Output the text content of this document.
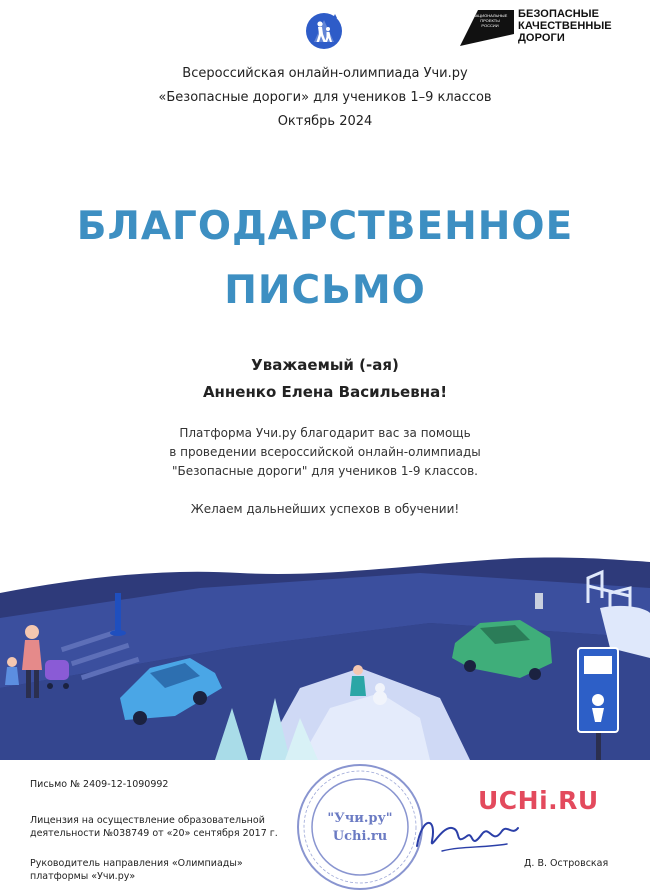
НАЦИОНАЛЬНЫЕ
ПРОЕКТЫ
РОССИИ
БЕЗОПАСНЫЕ
КАЧЕСТВЕННЫЕ ДОРОГИ
Всероссийская онлайн-олимпиада Учи.ру
«Безопасные дороги» для учеников 1–9 классов
Октябрь 2024
БЛАГОДАРСТВЕННОЕ
ПИСЬМО
Уважаемый (-ая)
Анненко Елена Васильевна!
Платформа Учи.ру благодарит вас за помощь
в проведении всероссийской онлайн-олимпиады
"Безопасные дороги" для учеников 1-9 классов.
Желаем дальнейших успехов в обучении!
Письмо № 2409-12-1090992
Лицензия на осуществление образовательной
деятельности №038749 от «20» сентября 2017 г.
Руководитель направления «Олимпиады»
платформы «Учи.ру»
Д. В. Островская
"Учи.ру"
Uchi.ru
UCHi.RU
